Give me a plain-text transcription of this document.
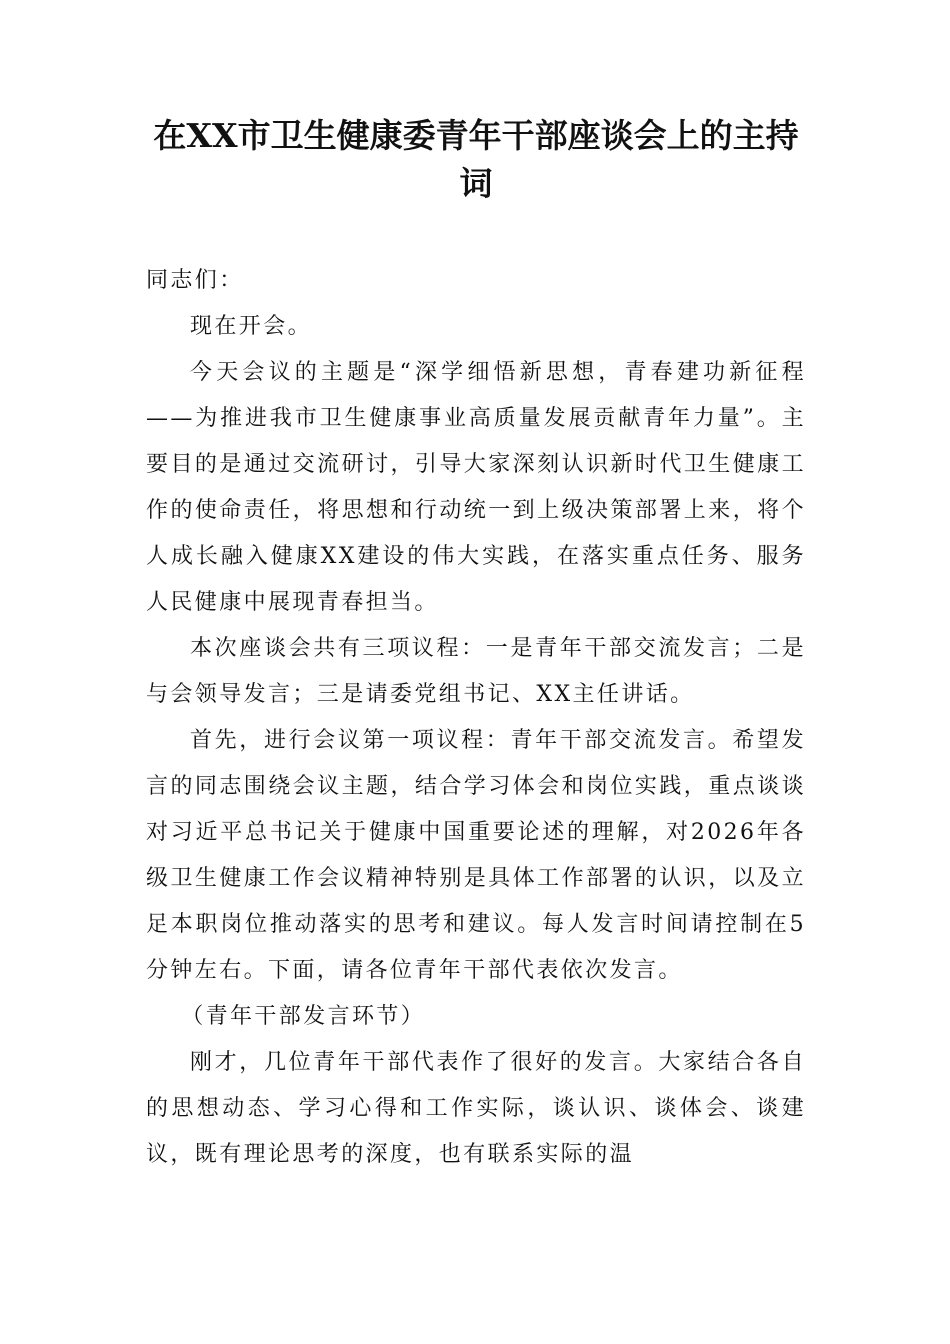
在XX市卫生健康委青年干部座谈会上的主持词

同志们：

现在开会。

今天会议的主题是“深学细悟新思想，青春建功新征程——为推进我市卫生健康事业高质量发展贡献青年力量”。主要目的是通过交流研讨，引导大家深刻认识新时代卫生健康工作的使命责任，将思想和行动统一到上级决策部署上来，将个人成长融入健康XX建设的伟大实践，在落实重点任务、服务人民健康中展现青春担当。

本次座谈会共有三项议程：一是青年干部交流发言；二是与会领导发言；三是请委党组书记、XX主任讲话。

首先，进行会议第一项议程：青年干部交流发言。希望发言的同志围绕会议主题，结合学习体会和岗位实践，重点谈谈对习近平总书记关于健康中国重要论述的理解，对2026年各级卫生健康工作会议精神特别是具体工作部署的认识，以及立足本职岗位推动落实的思考和建议。每人发言时间请控制在5分钟左右。下面，请各位青年干部代表依次发言。

（青年干部发言环节）

刚才，几位青年干部代表作了很好的发言。大家结合各自的思想动态、学习心得和工作实际，谈认识、谈体会、谈建议，既有理论思考的深度，也有联系实际的温
